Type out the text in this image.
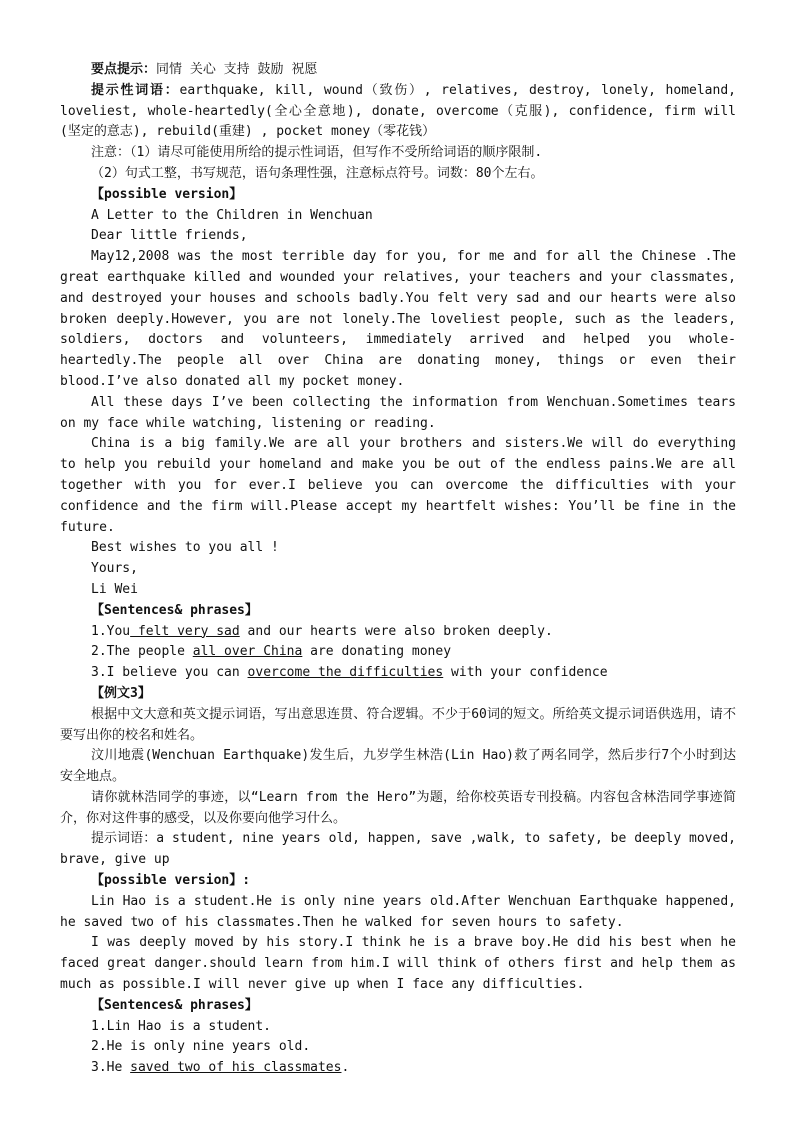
要点提示：同情 关心 支持 鼓励 祝愿

提示性词语：earthquake, kill, wound（致伤）, relatives, destroy, lonely, homeland, loveliest, whole-heartedly(全心全意地), donate, overcome（克服), confidence, firm will (坚定的意志), rebuild(重建) , pocket money（零花钱）

注意：（1）请尽可能使用所给的提示性词语，但写作不受所给词语的顺序限制.

（2）句式工整，书写规范，语句条理性强，注意标点符号。词数：80个左右。

【possible version】

A Letter to the Children in Wenchuan

Dear little friends,

May12,2008 was the most terrible day for you, for me and for all the Chinese .The great earthquake killed and wounded your relatives, your teachers and your classmates, and destroyed your houses and schools badly.You felt very sad and our hearts were also broken deeply.However, you are not lonely.The loveliest people, such as the leaders, soldiers, doctors and volunteers, immediately arrived and helped you whole-heartedly.The people all over China are donating money, things or even their blood.I’ve also donated all my pocket money.

All these days I’ve been collecting the information from Wenchuan.Sometimes tears on my face while watching, listening or reading.

China is a big family.We are all your brothers and sisters.We will do everything to help you rebuild your homeland and make you be out of the endless pains.We are all together with you for ever.I believe you can overcome the difficulties with your confidence and the firm will.Please accept my heartfelt wishes: You’ll be fine in the future.

Best wishes to you all !

Yours,

Li Wei

【Sentences& phrases】

1.You felt very sad and our hearts were also broken deeply.

2.The people all over China are donating money

3.I believe you can overcome the difficulties with your confidence

【例文3】

根据中文大意和英文提示词语，写出意思连贯、符合逻辑。不少于60词的短文。所给英文提示词语供选用，请不要写出你的校名和姓名。

汶川地震(Wenchuan Earthquake)发生后，九岁学生林浩(Lin Hao)救了两名同学，然后步行7个小时到达安全地点。

请你就林浩同学的事迹，以“Learn from the Hero”为题，给你校英语专刊投稿。内容包含林浩同学事迹简介，你对这件事的感受，以及你要向他学习什么。

提示词语：a student, nine years old, happen, save ,walk, to safety, be deeply moved, brave, give up

【possible version】:

Lin Hao is a student.He is only nine years old.After Wenchuan Earthquake happened, he saved two of his classmates.Then he walked for seven hours to safety.

I was deeply moved by his story.I think he is a brave boy.He did his best when he faced great danger.should learn from him.I will think of others first and help them as much as possible.I will never give up when I face any difficulties.

【Sentences& phrases】

1.Lin Hao is a student.

2.He is only nine years old.

3.He saved two of his classmates.
